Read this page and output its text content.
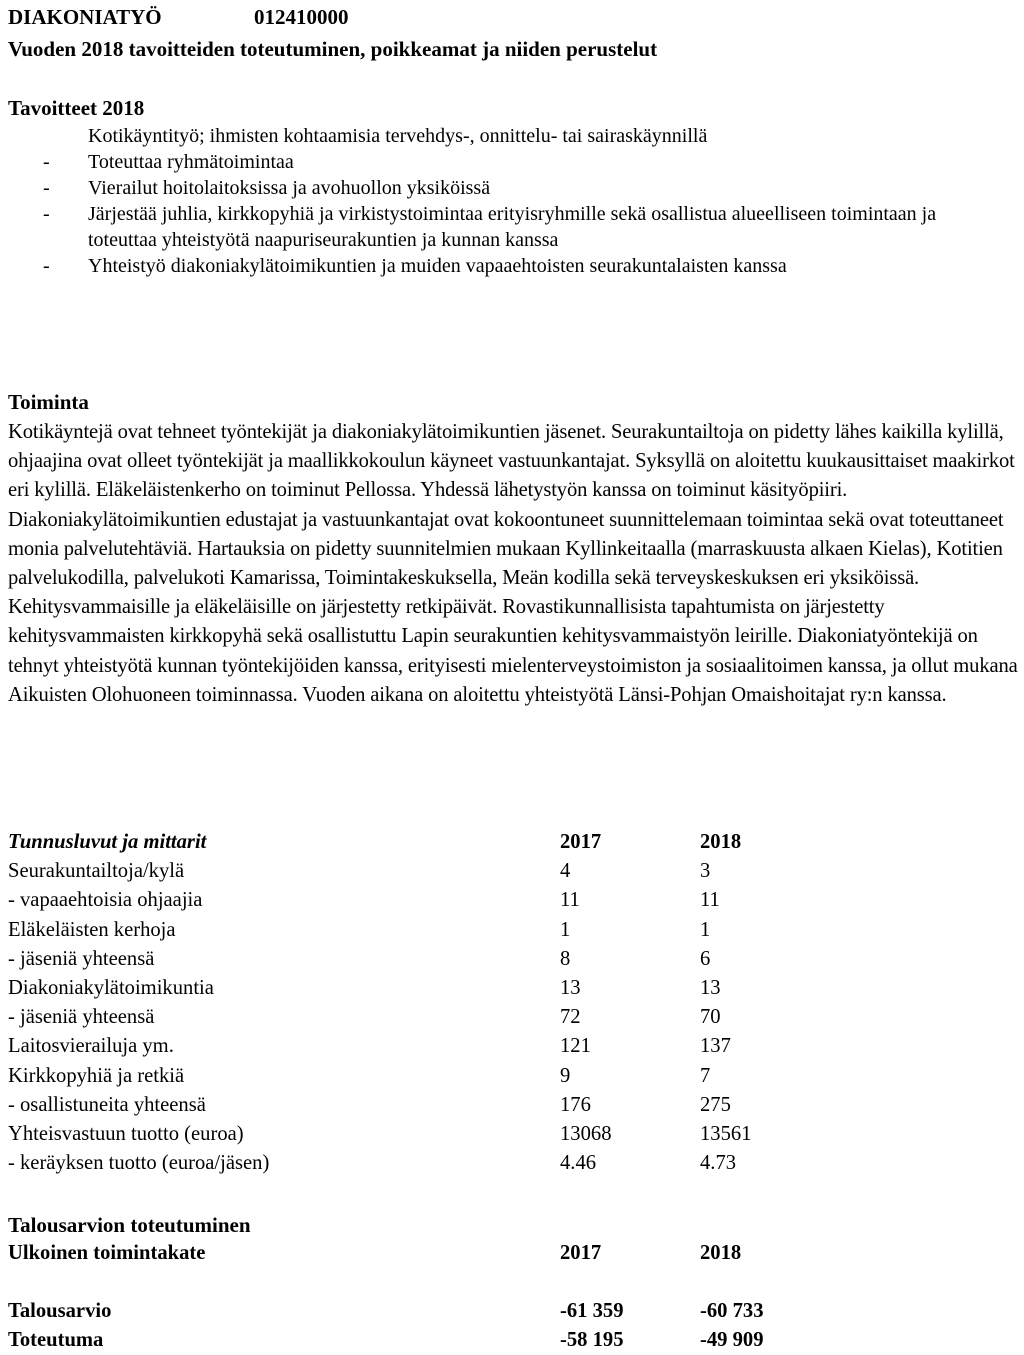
DIAKONIATYÖ	012410000
Vuoden 2018 tavoitteiden toteutuminen, poikkeamat ja niiden perustelut
Tavoitteet 2018
Kotikäyntityö; ihmisten kohtaamisia tervehdys-, onnittelu- tai sairaskäynnillä
- Toteuttaa ryhmätoimintaa
- Vierailut hoitolaitoksissa ja avohuollon yksiköissä
- Järjestää juhlia, kirkkopyhiä ja virkistystoimintaa erityisryhmille sekä osallistua alueelliseen toimintaan ja toteuttaa yhteistyötä naapuriseurakuntien ja kunnan kanssa
- Yhteistyö diakoniakylätoimikuntien ja muiden vapaaehtoisten seurakuntalaisten kanssa
Toiminta
Kotikäyntejä ovat tehneet työntekijät ja diakoniakylätoimikuntien jäsenet. Seurakuntailtoja on pidetty lähes kaikilla kylillä, ohjaajina ovat olleet työntekijät ja maallikkokoulun käyneet vastuunkantajat. Syksyllä on aloitettu kuukausittaiset maakirkot eri kylillä. Eläkeläistenkerho on toiminut Pellossa. Yhdessä lähetystyön kanssa on toiminut käsityöpiiri. Diakoniakylätoimikuntien edustajat ja vastuunkantajat ovat kokoontuneet suunnittelemaan toimintaa sekä ovat toteuttaneet monia palvelutehtäviä. Hartauksia on pidetty suunnitelmien mukaan Kyllinkeitaalla (marraskuusta alkaen Kielas), Kotitien palvelukodilla, palvelukoti Kamarissa, Toimintakeskuksella, Meän kodilla sekä terveyskeskuksen eri yksiköissä. Kehitysvammaisille ja eläkeläisille on järjestetty retkipäivät. Rovastikunnallisista tapahtumista on järjestetty kehitysvammaisten kirkkopyhä sekä osallistuttu Lapin seurakuntien kehitysvammaistyön leirille. Diakoniatyöntekijä on tehnyt yhteistyötä kunnan työntekijöiden kanssa, erityisesti mielenterveystoimiston ja sosiaalitoimen kanssa, ja ollut mukana Aikuisten Olohuoneen toiminnassa. Vuoden aikana on aloitettu yhteistyötä Länsi-Pohjan Omaishoitajat ry:n kanssa.
Tunnusluvut ja mittarit	2017	2018
Seurakuntailtoja/kylä	4	3
- vapaaehtoisia ohjaajia	11	11
Eläkeläisten kerhoja	1	1
- jäseniä yhteensä	8	6
Diakoniakylätoimikuntia	13	13
- jäseniä yhteensä	72	70
Laitosvierailuja ym.	121	137
Kirkkopyhiä ja retkiä	9	7
- osallistuneita yhteensä	176	275
Yhteisvastuun tuotto (euroa)	13068	13561
- keräyksen tuotto (euroa/jäsen)	4.46	4.73
Talousarvion toteutuminen
Ulkoinen toimintakate	2017	2018

Talousarvio	-61 359	-60 733
Toteutuma	-58 195	-49 909
